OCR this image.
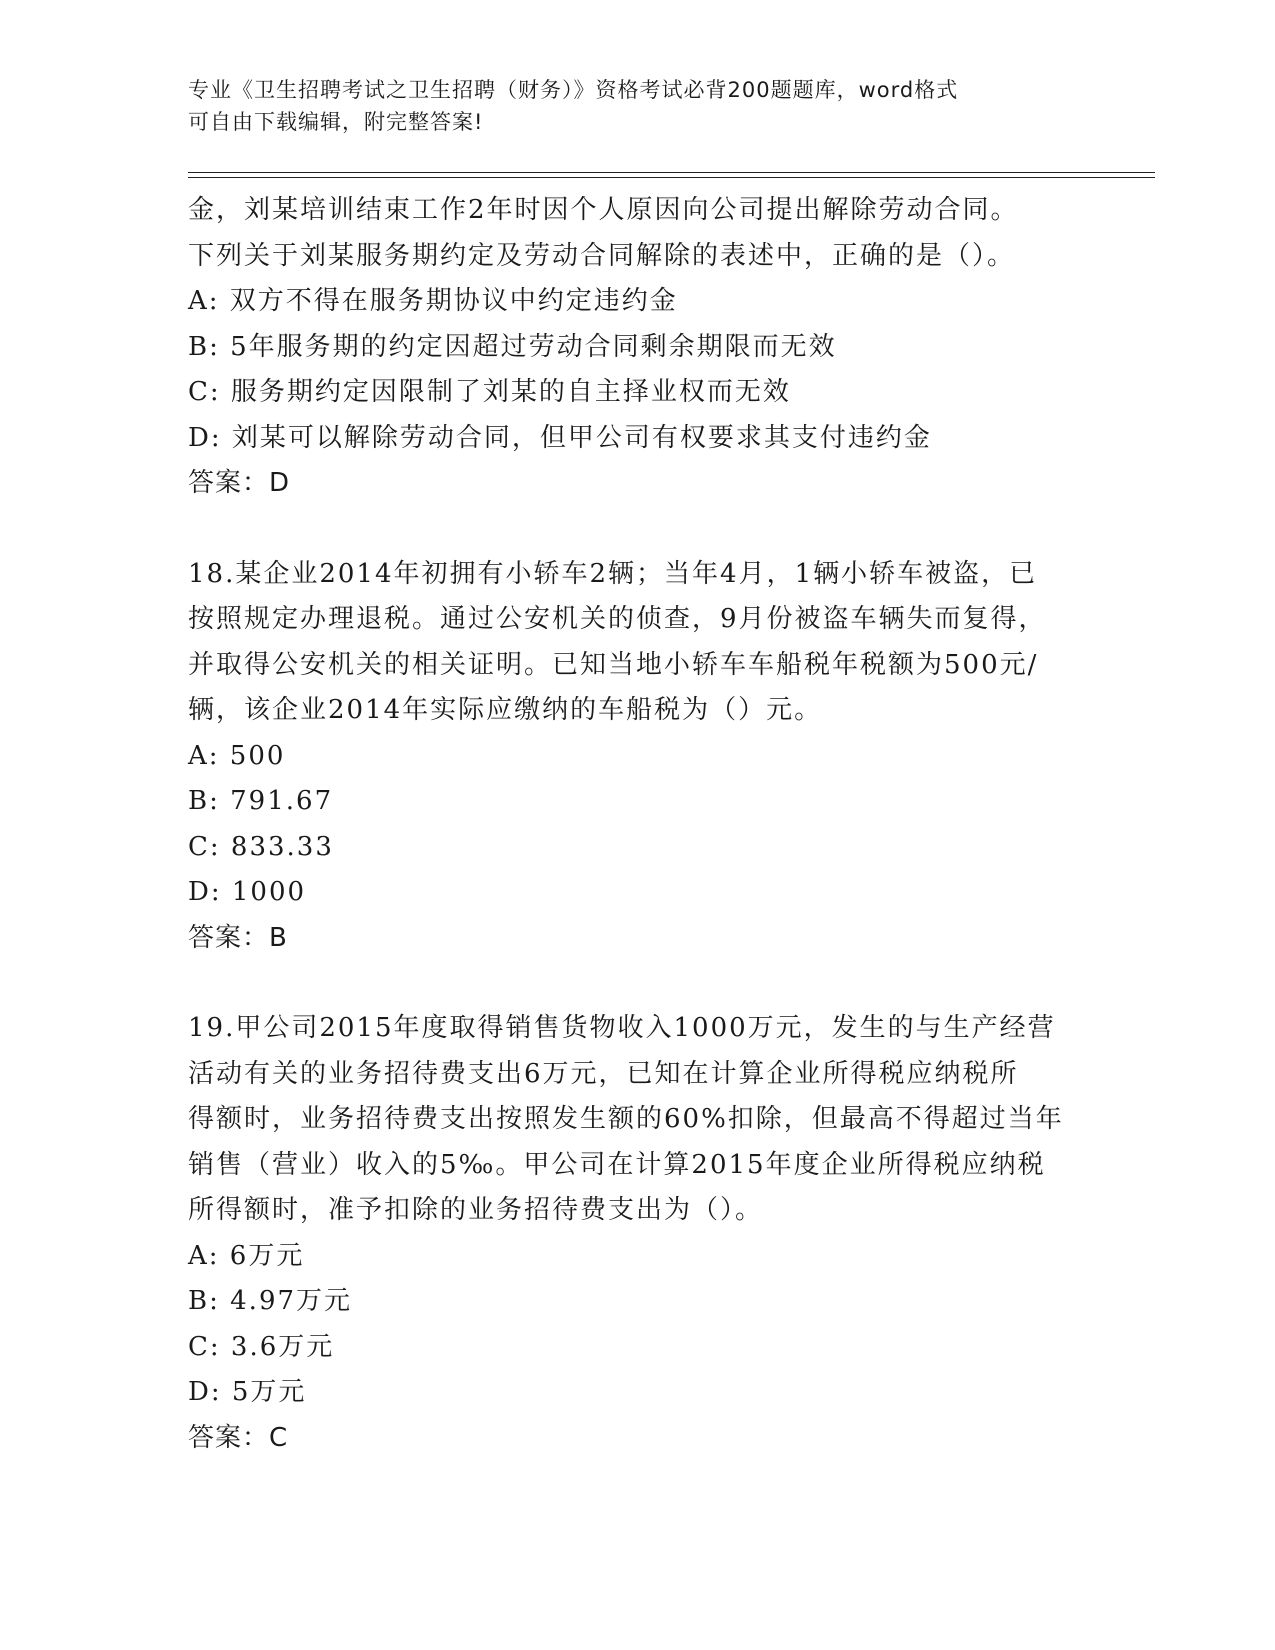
专业《卫生招聘考试之卫生招聘（财务）》资格考试必背200题题库，word格式
可自由下载编辑，附完整答案!
金，刘某培训结束工作2年时因个人原因向公司提出解除劳动合同。
下列关于刘某服务期约定及劳动合同解除的表述中，正确的是（）。
A: 双方不得在服务期协议中约定违约金
B: 5年服务期的约定因超过劳动合同剩余期限而无效
C: 服务期约定因限制了刘某的自主择业权而无效
D: 刘某可以解除劳动合同，但甲公司有权要求其支付违约金
答案：D
18.某企业2014年初拥有小轿车2辆；当年4月，1辆小轿车被盗，已
按照规定办理退税。通过公安机关的侦查，9月份被盗车辆失而复得，
并取得公安机关的相关证明。已知当地小轿车车船税年税额为500元/
辆，该企业2014年实际应缴纳的车船税为（）元。
A: 500
B: 791.67
C: 833.33
D: 1000
答案：B
19.甲公司2015年度取得销售货物收入1000万元，发生的与生产经营
活动有关的业务招待费支出6万元，已知在计算企业所得税应纳税所
得额时，业务招待费支出按照发生额的60%扣除，但最高不得超过当年
销售（营业）收入的5‰。甲公司在计算2015年度企业所得税应纳税
所得额时，准予扣除的业务招待费支出为（）。
A: 6万元
B: 4.97万元
C: 3.6万元
D: 5万元
答案：C
